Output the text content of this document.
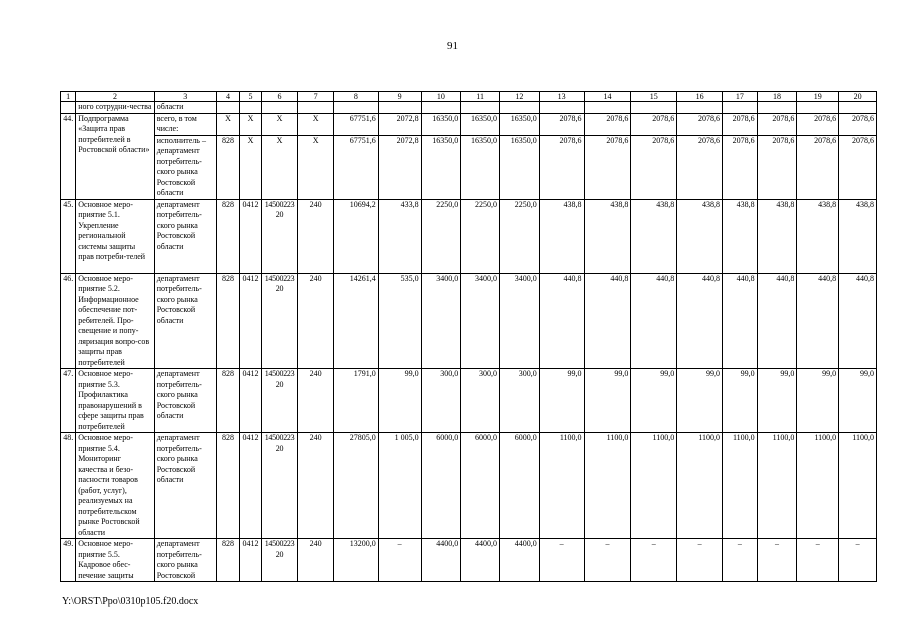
91
1	2	3	4	5	6	7	8	9	10	11	12	13	14	15	16	17	18	19	20
	ного сотрудни-чества	области																	
44.	Подпрограмма «Защита прав потребителей в Ростовской области»	всего, в том числе:	X	X	X	X	67751,6	2072,8	16350,0	16350,0	16350,0	2078,6	2078,6	2078,6	2078,6	2078,6	2078,6	2078,6	2078,6
		исполнитель – департамент потребитель-ского рынка Ростовской области	828	X	X	X	67751,6	2072,8	16350,0	16350,0	16350,0	2078,6	2078,6	2078,6	2078,6	2078,6	2078,6	2078,6	2078,6
45.	Основное меро-приятие 5.1. Укрепление региональной системы защиты прав потреби-телей	департамент потребитель-ского рынка Ростовской области	828	0412	1450022320	240	10694,2	433,8	2250,0	2250,0	2250,0	438,8	438,8	438,8	438,8	438,8	438,8	438,8	438,8
46.	Основное меро-приятие 5.2. Информационное обеспечение пот-ребителей. Про-свещение и попу-ляризация вопро-сов защиты прав потребителей	департамент потребитель-ского рынка Ростовской области	828	0412	1450022320	240	14261,4	535,0	3400,0	3400,0	3400,0	440,8	440,8	440,8	440,8	440,8	440,8	440,8	440,8
47.	Основное меро-приятие 5.3. Профилактика правонарушений в сфере защиты прав потребителей	департамент потребитель-ского рынка Ростовской области	828	0412	1450022320	240	1791,0	99,0	300,0	300,0	300,0	99,0	99,0	99,0	99,0	99,0	99,0	99,0	99,0
48.	Основное меро-приятие 5.4. Мониторинг качества и безо-пасности товаров (работ, услуг), реализуемых на потребительском рынке Ростовской области	департамент потребитель-ского рынка Ростовской области	828	0412	1450022320	240	27805,0	1 005,0	6000,0	6000,0	6000,0	1100,0	1100,0	1100,0	1100,0	1100,0	1100,0	1100,0	1100,0
49.	Основное меро-приятие 5.5. Кадровое обес-печение защиты	департамент потребитель-ского рынка Ростовской	828	0412	1450022320	240	13200,0	–	4400,0	4400,0	4400,0	–	–	–	–	–	–	–	–
Y:\ORST\Ppo\0310p105.f20.docx
